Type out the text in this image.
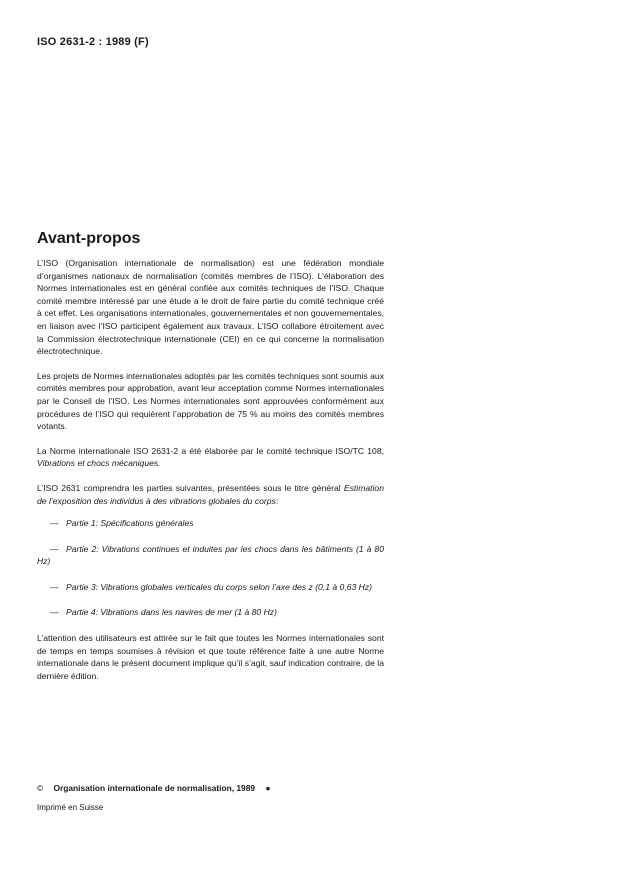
ISO 2631-2 : 1989 (F)
Avant-propos

L’ISO (Organisation internationale de normalisation) est une fédération mondiale d’organismes nationaux de normalisation (comités membres de l’ISO). L’élaboration des Normes internationales est en général confiée aux comités techniques de l’ISO. Chaque comité membre intéressé par une étude a le droit de faire partie du comité technique créé à cet effet. Les organisations internationales, gouvernementales et non gouvernementales, en liaison avec l’ISO participent également aux travaux. L’ISO collabore étroitement avec la Commission électrotechnique internationale (CEI) en ce qui concerne la normalisation électrotechnique.

Les projets de Normes internationales adoptés par les comités techniques sont soumis aux comités membres pour approbation, avant leur acceptation comme Normes internationales par le Conseil de l’ISO. Les Normes internationales sont approuvées conformément aux procédures de l’ISO qui requièrent l’approbation de 75 % au moins des comités membres votants.

La Norme internationale ISO 2631-2 a été élaborée par le comité technique ISO/TC 108, Vibrations et chocs mécaniques.

L’ISO 2631 comprendra les parties suivantes, présentées sous le titre général Estimation de l’exposition des individus à des vibrations globales du corps:

— Partie 1: Spécifications générales
— Partie 2: Vibrations continues et induites par les chocs dans les bâtiments (1 à 80 Hz)
— Partie 3: Vibrations globales verticales du corps selon l’axe des z (0,1 à 0,63 Hz)
— Partie 4: Vibrations dans les navires de mer (1 à 80 Hz)

L’attention des utilisateurs est attirée sur le fait que toutes les Normes internationales sont de temps en temps soumises à révision et que toute référence faite à une autre Norme internationale dans le présent document implique qu’il s’agit, sauf indication contraire, de la dernière édition.

© Organisation internationale de normalisation, 1989 ●
Imprimé en Suisse
